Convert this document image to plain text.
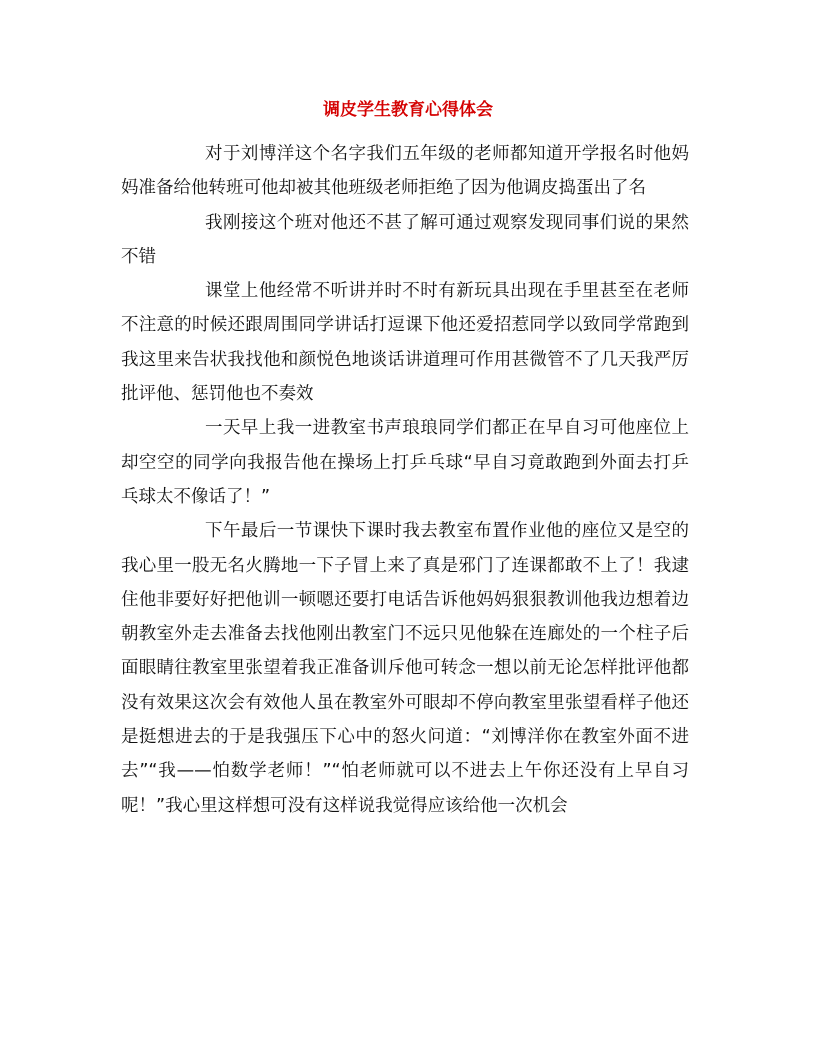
调皮学生教育心得体会

对于刘博洋这个名字我们五年级的老师都知道开学报名时他妈妈准备给他转班可他却被其他班级老师拒绝了因为他调皮捣蛋出了名

我刚接这个班对他还不甚了解可通过观察发现同事们说的果然不错

课堂上他经常不听讲并时不时有新玩具出现在手里甚至在老师不注意的时候还跟周围同学讲话打逗课下他还爱招惹同学以致同学常跑到我这里来告状我找他和颜悦色地谈话讲道理可作用甚微管不了几天我严厉批评他、惩罚他也不奏效

一天早上我一进教室书声琅琅同学们都正在早自习可他座位上却空空的同学向我报告他在操场上打乒乓球“早自习竟敢跑到外面去打乒乓球太不像话了！”

下午最后一节课快下课时我去教室布置作业他的座位又是空的我心里一股无名火腾地一下子冒上来了真是邪门了连课都敢不上了！我逮住他非要好好把他训一顿嗯还要打电话告诉他妈妈狠狠教训他我边想着边朝教室外走去准备去找他刚出教室门不远只见他躲在连廊处的一个柱子后面眼睛往教室里张望着我正准备训斥他可转念一想以前无论怎样批评他都没有效果这次会有效他人虽在教室外可眼却不停向教室里张望看样子他还是挺想进去的于是我强压下心中的怒火问道：“刘博洋你在教室外面不进去”“我——怕数学老师！”“怕老师就可以不进去上午你还没有上早自习呢！”我心里这样想可没有这样说我觉得应该给他一次机会
